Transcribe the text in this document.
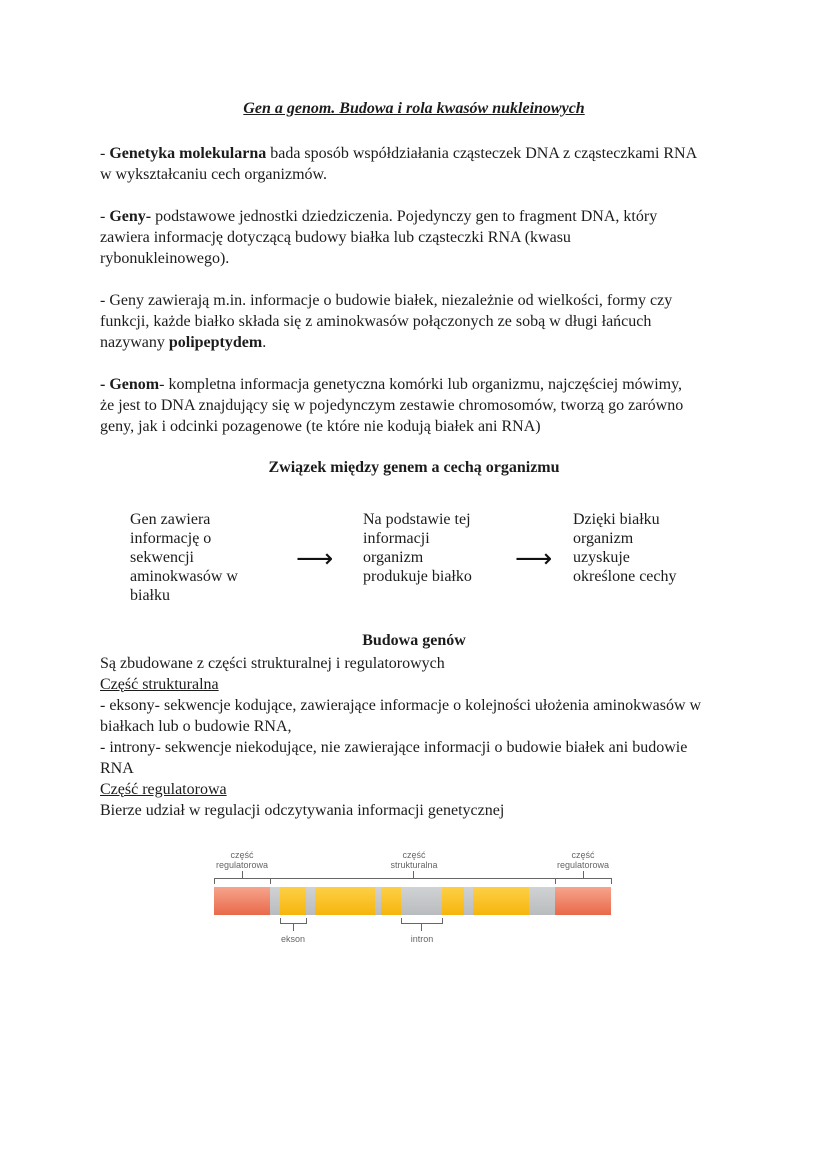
Gen a genom. Budowa i rola kwasów nukleinowych
- Genetyka molekularna bada sposób współdziałania cząsteczek DNA z cząsteczkami RNA
w wykształcaniu cech organizmów.
- Geny- podstawowe jednostki dziedziczenia. Pojedynczy gen to fragment DNA, który
zawiera informację dotyczącą budowy białka lub cząsteczki RNA (kwasu
rybonukleinowego).
- Geny zawierają m.in. informacje o budowie białek, niezależnie od wielkości, formy czy
funkcji, każde białko składa się z aminokwasów połączonych ze sobą w długi łańcuch
nazywany polipeptydem.
- Genom- kompletna informacja genetyczna komórki lub organizmu, najczęściej mówimy,
że jest to DNA znajdujący się w pojedynczym zestawie chromosomów, tworzą go zarówno
geny, jak i odcinki pozagenowe (te które nie kodują białek ani RNA)
Związek między genem a cechą organizmu
Gen zawiera
informację o
sekwencji
aminokwasów w
białku
⟶
Na podstawie tej
informacji
organizm
produkuje białko
⟶
Dzięki białku
organizm
uzyskuje
określone cechy
Budowa genów
Są zbudowane z części strukturalnej i regulatorowych
Część strukturalna
- eksony- sekwencje kodujące, zawierające informacje o kolejności ułożenia aminokwasów w
białkach lub o budowie RNA,
- introny- sekwencje niekodujące, nie zawierające informacji o budowie białek ani budowie
RNA
Część regulatorowa
Bierze udział w regulacji odczytywania informacji genetycznej
część
regulatorowa
część
strukturalna
część
regulatorowa
ekson	intron
